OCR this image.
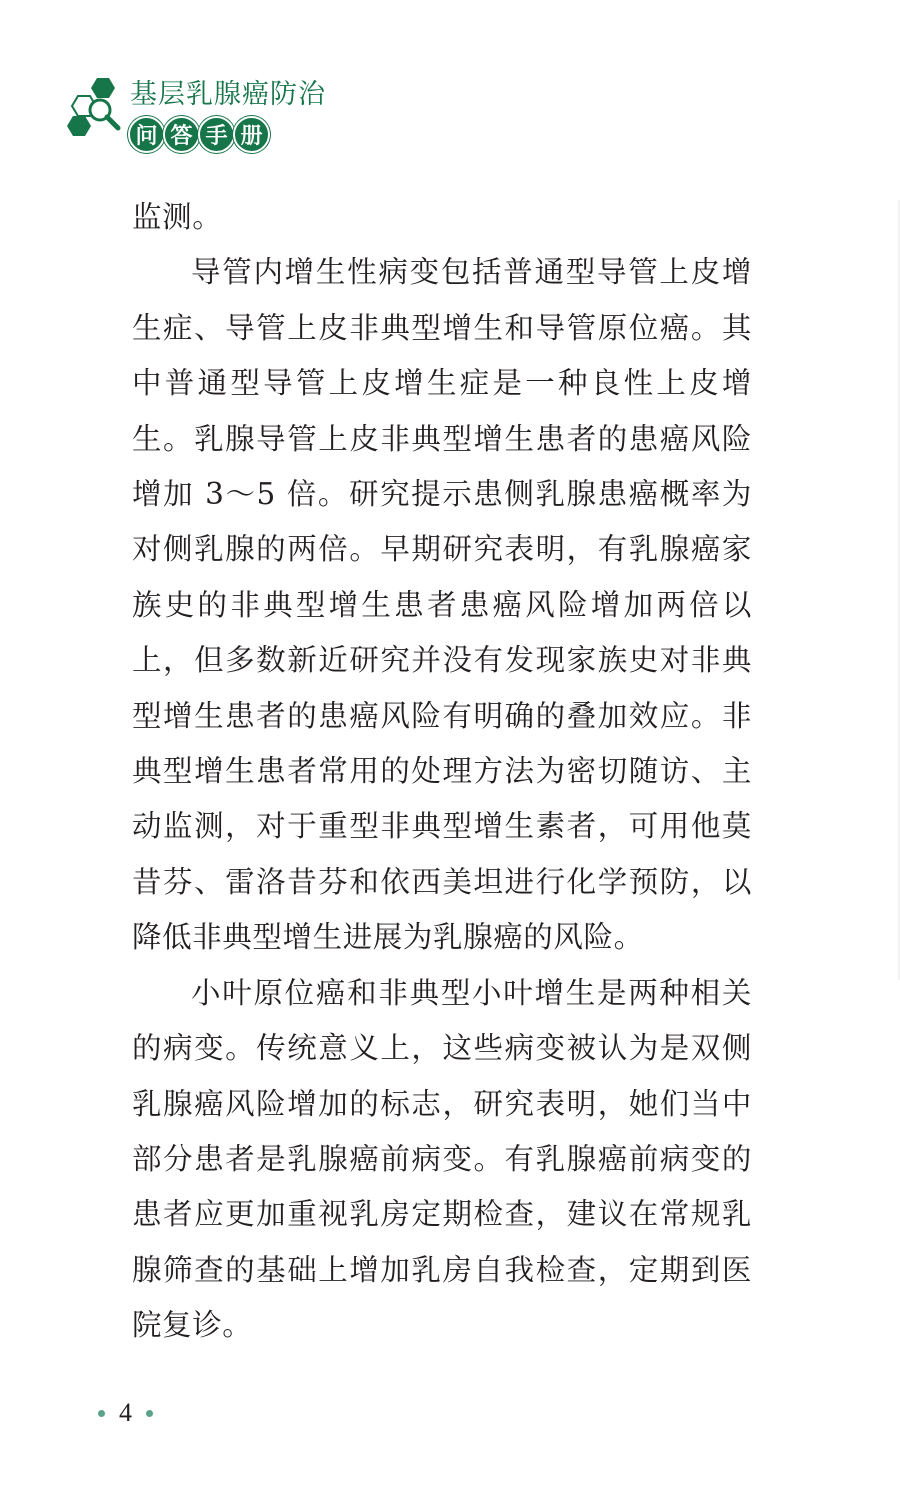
基层乳腺癌防治
问 答 手 册

监测。

导管内增生性病变包括普通型导管上皮增生症、导管上皮非典型增生和导管原位癌。其中普通型导管上皮增生症是一种良性上皮增生。乳腺导管上皮非典型增生患者的患癌风险增加 3～5 倍。研究提示患侧乳腺患癌概率为对侧乳腺的两倍。早期研究表明，有乳腺癌家族史的非典型增生患者患癌风险增加两倍以上，但多数新近研究并没有发现家族史对非典型增生患者的患癌风险有明确的叠加效应。非典型增生患者常用的处理方法为密切随访、主动监测，对于重型非典型增生素者，可用他莫昔芬、雷洛昔芬和依西美坦进行化学预防，以降低非典型增生进展为乳腺癌的风险。

小叶原位癌和非典型小叶增生是两种相关的病变。传统意义上，这些病变被认为是双侧乳腺癌风险增加的标志，研究表明，她们当中部分患者是乳腺癌前病变。有乳腺癌前病变的患者应更加重视乳房定期检查，建议在常规乳腺筛查的基础上增加乳房自我检查，定期到医院复诊。

4
